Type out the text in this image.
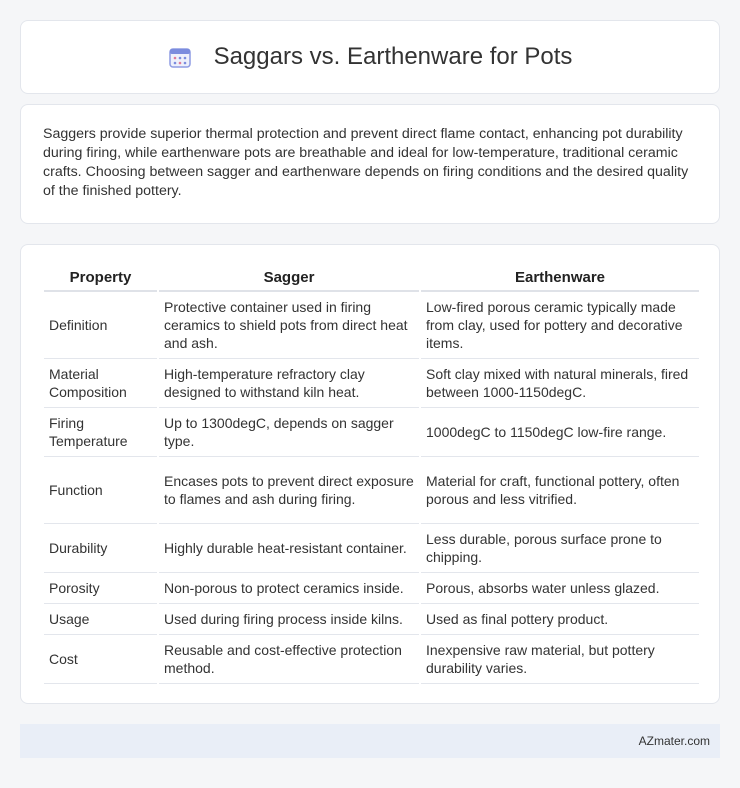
Saggars vs. Earthenware for Pots

Saggers provide superior thermal protection and prevent direct flame contact, enhancing pot durability during firing, while earthenware pots are breathable and ideal for low-temperature, traditional ceramic crafts. Choosing between sagger and earthenware depends on firing conditions and the desired quality of the finished pottery.

Property	Sagger	Earthenware
Definition	Protective container used in firing ceramics to shield pots from direct heat and ash.	Low-fired porous ceramic typically made from clay, used for pottery and decorative items.
Material Composition	High-temperature refractory clay designed to withstand kiln heat.	Soft clay mixed with natural minerals, fired between 1000-1150degC.
Firing Temperature	Up to 1300degC, depends on sagger type.	1000degC to 1150degC low-fire range.
Function	Encases pots to prevent direct exposure to flames and ash during firing.	Material for craft, functional pottery, often porous and less vitrified.
Durability	Highly durable heat-resistant container.	Less durable, porous surface prone to chipping.
Porosity	Non-porous to protect ceramics inside.	Porous, absorbs water unless glazed.
Usage	Used during firing process inside kilns.	Used as final pottery product.
Cost	Reusable and cost-effective protection method.	Inexpensive raw material, but pottery durability varies.
AZmater.com
